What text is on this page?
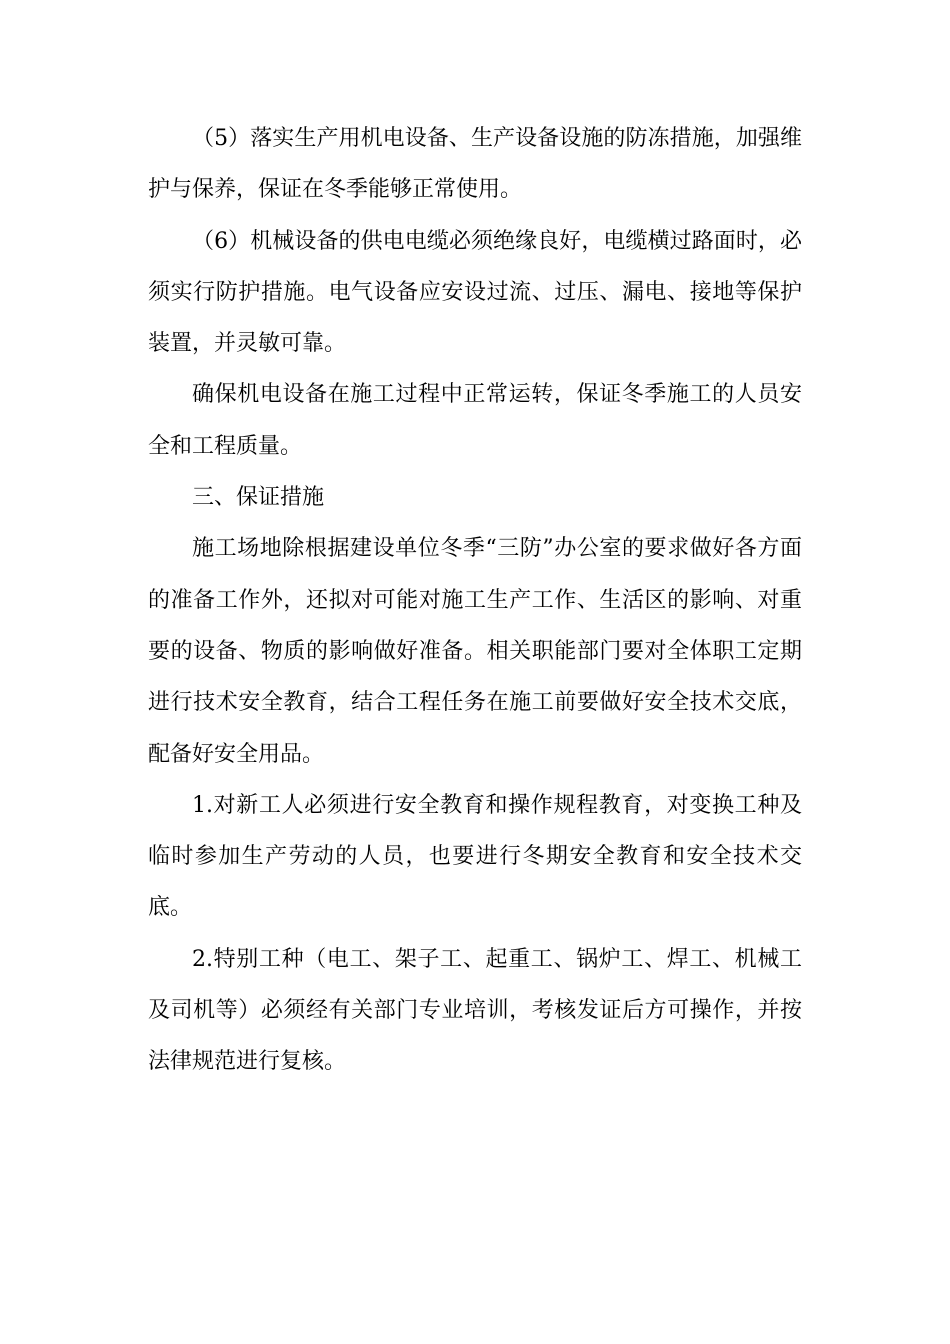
（5）落实生产用机电设备、生产设备设施的防冻措施，加强维护与保养，保证在冬季能够正常使用。

（6）机械设备的供电电缆必须绝缘良好，电缆横过路面时，必须实行防护措施。电气设备应安设过流、过压、漏电、接地等保护装置，并灵敏可靠。

确保机电设备在施工过程中正常运转，保证冬季施工的人员安全和工程质量。

三、保证措施

施工场地除根据建设单位冬季“三防”办公室的要求做好各方面的准备工作外，还拟对可能对施工生产工作、生活区的影响、对重要的设备、物质的影响做好准备。相关职能部门要对全体职工定期进行技术安全教育，结合工程任务在施工前要做好安全技术交底，配备好安全用品。

1.对新工人必须进行安全教育和操作规程教育，对变换工种及临时参加生产劳动的人员，也要进行冬期安全教育和安全技术交底。

2.特别工种（电工、架子工、起重工、锅炉工、焊工、机械工及司机等）必须经有关部门专业培训，考核发证后方可操作，并按法律规范进行复核。
